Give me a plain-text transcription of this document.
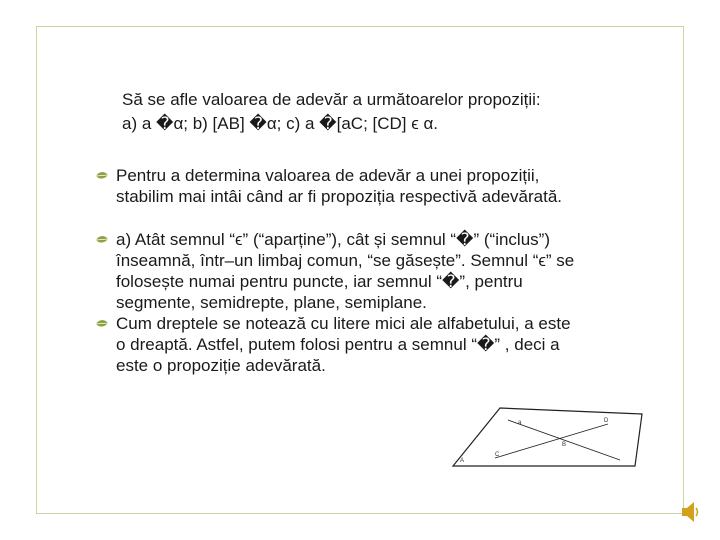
Să se afle valoarea de adevăr a următoarelor propoziții:
a) a �α; b) [AB] �α; c) a �[aC; [CD] ϵ α.
Pentru a determina valoarea de adevăr a unei propoziții,
stabilim mai intâi când ar fi propoziția respectivă adevărată.
a) Atât semnul “ϵ” (“aparține”), cât și semnul “�” (“inclus”)
înseamnă, într–un limbaj comun, “se găsește”. Semnul “ϵ” se
folosește numai pentru puncte, iar semnul “�”, pentru
segmente, semidrepte, plane, semiplane.
Cum dreptele se notează cu litere mici ale alfabetului, a este
o dreaptă. Astfel, putem folosi pentru a semnul “�” , deci a
este o propoziție adevărată.
a
B
D
A
C
